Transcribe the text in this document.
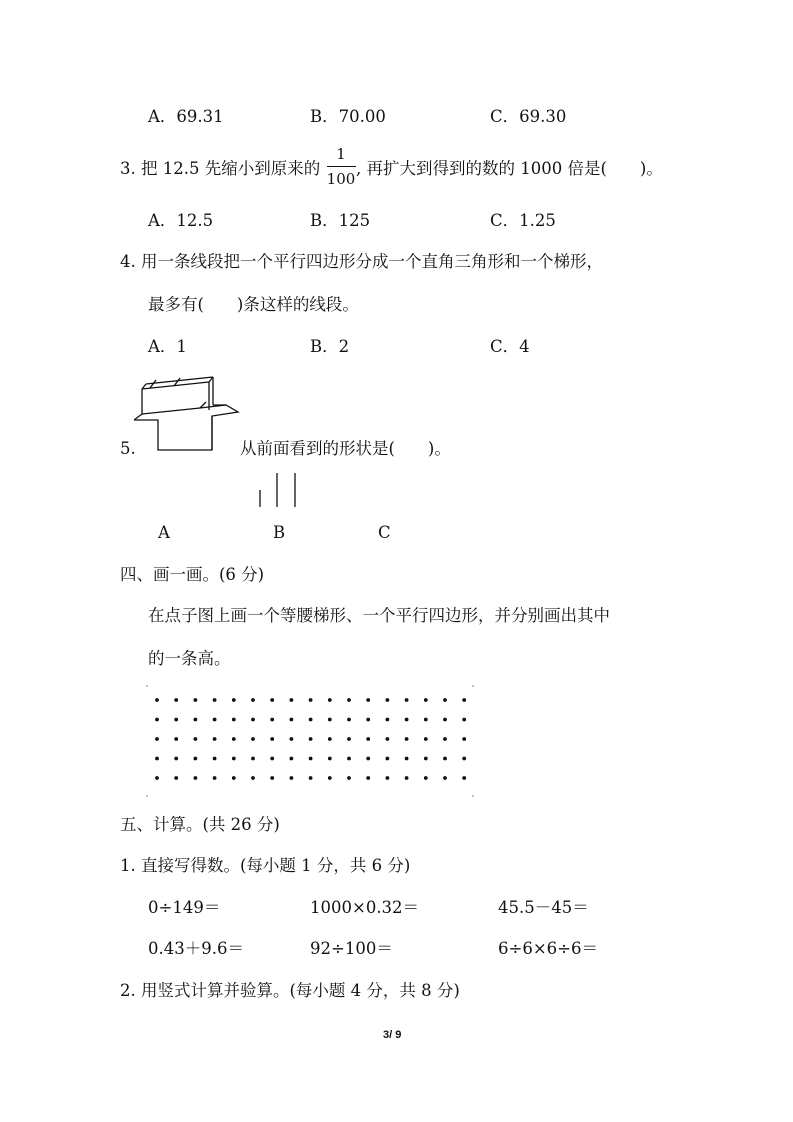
A．69.31	B．70.00	C．69.30
3. 把 12.5 先缩小到原来的
1
100
, 再扩大到得到的数的 1000 倍是(　　)。
A．12.5	B．125	C．1.25
4. 用一条线段把一个平行四边形分成一个直角三角形和一个梯形，
最多有(　　)条这样的线段。
A．1	B．2	C．4
5.	从前面看到的形状是(　　)。
A	B	C
四、画一画。(6 分)
在点子图上画一个等腰梯形、一个平行四边形，并分别画出其中
的一条高。
五、计算。(共 26 分)
1. 直接写得数。(每小题 1 分，共 6 分)
0÷149＝	1000×0.32＝	45.5－45＝
0.43＋9.6＝	92÷100＝	6÷6×6÷6＝
2. 用竖式计算并验算。(每小题 4 分，共 8 分)
3/ 9
